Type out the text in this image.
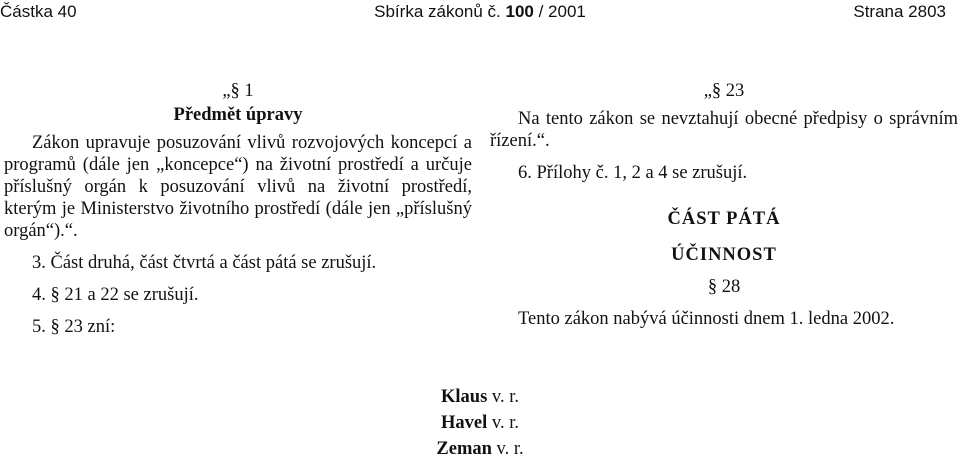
Částka 40	Sbírka zákonů č. 100 / 2001	Strana 2803
„§ 1
Předmět úpravy
Zákon upravuje posuzování vlivů rozvojových koncepcí a programů (dále jen „koncepce“) na životní prostředí a určuje příslušný orgán k posuzování vlivů na životní prostředí, kterým je Ministerstvo životního prostředí (dále jen „příslušný orgán“).“.
3. Část druhá, část čtvrtá a část pátá se zrušují.
4. § 21 a 22 se zrušují.
5. § 23 zní:
„§ 23
Na tento zákon se nevztahují obecné předpisy o správním řízení.“.
6. Přílohy č. 1, 2 a 4 se zrušují.
ČÁST PÁTÁ
ÚČINNOST
§ 28
Tento zákon nabývá účinnosti dnem 1. ledna 2002.
Klaus v. r.
Havel v. r.
Zeman v. r.
